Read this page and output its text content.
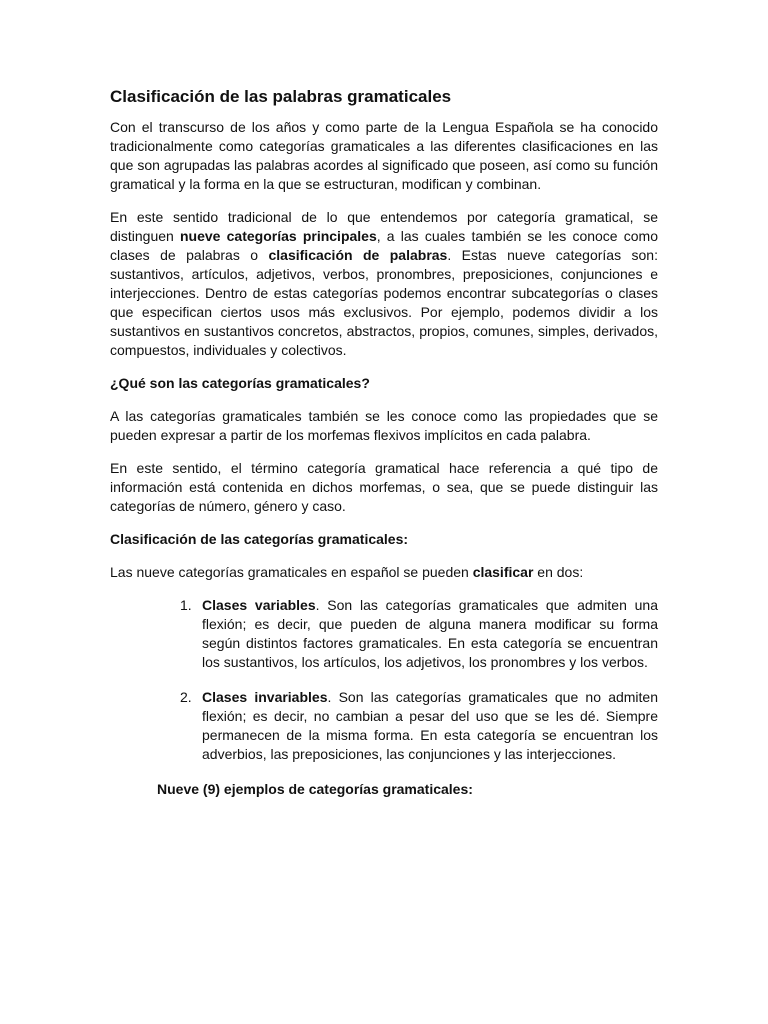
Clasificación de las palabras gramaticales

Con el transcurso de los años y como parte de la Lengua Española se ha conocido tradicionalmente como categorías gramaticales a las diferentes clasificaciones en las que son agrupadas las palabras acordes al significado que poseen, así como su función gramatical y la forma en la que se estructuran, modifican y combinan.

En este sentido tradicional de lo que entendemos por categoría gramatical, se distinguen nueve categorías principales, a las cuales también se les conoce como clases de palabras o clasificación de palabras. Estas nueve categorías son: sustantivos, artículos, adjetivos, verbos, pronombres, preposiciones, conjunciones e interjecciones. Dentro de estas categorías podemos encontrar subcategorías o clases que especifican ciertos usos más exclusivos. Por ejemplo, podemos dividir a los sustantivos en sustantivos concretos, abstractos, propios, comunes, simples, derivados, compuestos, individuales y colectivos.

¿Qué son las categorías gramaticales?

A las categorías gramaticales también se les conoce como las propiedades que se pueden expresar a partir de los morfemas flexivos implícitos en cada palabra.

En este sentido, el término categoría gramatical hace referencia a qué tipo de información está contenida en dichos morfemas, o sea, que se puede distinguir las categorías de número, género y caso.

Clasificación de las categorías gramaticales:

Las nueve categorías gramaticales en español se pueden clasificar en dos:

1. Clases variables. Son las categorías gramaticales que admiten una flexión; es decir, que pueden de alguna manera modificar su forma según distintos factores gramaticales. En esta categoría se encuentran los sustantivos, los artículos, los adjetivos, los pronombres y los verbos.

2. Clases invariables. Son las categorías gramaticales que no admiten flexión; es decir, no cambian a pesar del uso que se les dé. Siempre permanecen de la misma forma. En esta categoría se encuentran los adverbios, las preposiciones, las conjunciones y las interjecciones.

Nueve (9) ejemplos de categorías gramaticales:
